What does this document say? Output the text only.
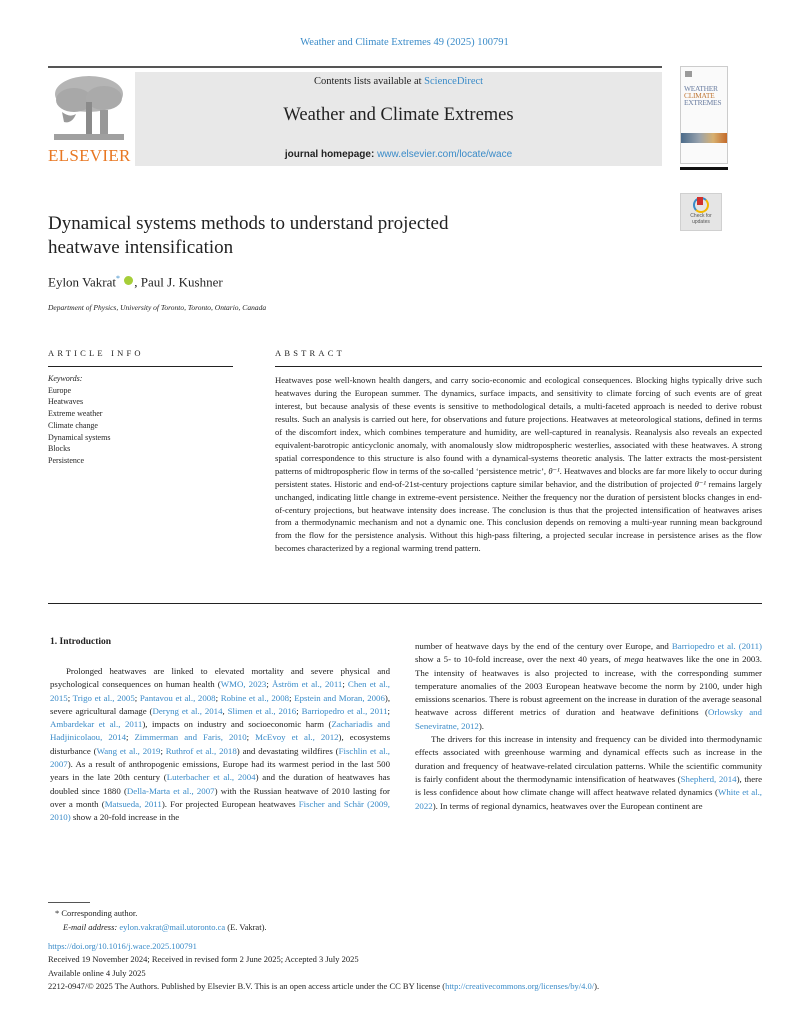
Weather and Climate Extremes 49 (2025) 100791
ELSEVIER
Contents lists available at ScienceDirect
Weather and Climate Extremes
journal homepage: www.elsevier.com/locate/wace
WEATHER
CLIMATE
EXTREMES
Dynamical systems methods to understand projected
heatwave intensification
Check for
updates
Eylon Vakrat* , Paul J. Kushner
Department of Physics, University of Toronto, Toronto, Ontario, Canada
ARTICLE INFO	ABSTRACT
Keywords:
Europe
Heatwaves
Extreme weather
Climate change
Dynamical systems
Blocks
Persistence
Heatwaves pose well-known health dangers, and carry socio-economic and ecological consequences. Blocking highs typically drive such heatwaves during the European summer. The dynamics, surface impacts, and sensitivity to climate forcing of such events are of great interest, but because analysis of these events is sensitive to methodological details, a multi-faceted approach is needed to derive robust results. Such an analysis is carried out here, for observations and future projections. Heatwaves at meteorological stations, defined in terms of the discomfort index, which combines temperature and humidity, are well-captured in reanalysis. Reanalysis also reveals an expected equivalent-barotropic anticyclonic anomaly, with anomalously slow midtropospheric westerlies, associated with these heatwaves. A strong spatial correspondence to this structure is also found with a dynamical-systems theoretic analysis. The latter extracts the most-persistent patterns of midtropospheric flow in terms of the so-called ‘persistence metric’, θ⁻¹. Heatwaves and blocks are far more likely to occur during persistent states. Historic and end-of-21st-century projections capture similar behavior, and the distribution of projected θ⁻¹ remains largely unchanged, indicating little change in extreme-event persistence. Neither the frequency nor the duration of persistent blocks changes in end-of-century projections, but heatwave intensity does increase. The conclusion is thus that the projected intensification of heatwaves arises from a thermodynamic mechanism and not a dynamic one. This conclusion depends on removing a multi-year running mean background from the flow for the persistence analysis. Without this high-pass filtering, a projected secular increase in persistence arises as the flow becomes characterized by a regional warming trend pattern.
1. Introduction
Prolonged heatwaves are linked to elevated mortality and severe physical and psychological consequences on human health (WMO, 2023; Åström et al., 2011; Chen et al., 2015; Trigo et al., 2005; Pantavou et al., 2008; Robine et al., 2008; Epstein and Moran, 2006), severe agricultural damage (Deryng et al., 2014, Slimen et al., 2016; Barriopedro et al., 2011; Ambardekar et al., 2011), impacts on industry and socioeconomic harm (Zachariadis and Hadjinicolaou, 2014; Zimmerman and Faris, 2010; McEvoy et al., 2012), ecosystems disturbance (Wang et al., 2019; Ruthrof et al., 2018) and devastating wildfires (Fischlin et al., 2007). As a result of anthropogenic emissions, Europe had its warmest period in the last 500 years in the late 20th century (Luterbacher et al., 2004) and the duration of heatwaves has doubled since 1880 (Della-Marta et al., 2007) with the Russian heatwave of 2010 lasting for over a month (Matsueda, 2011). For projected European heatwaves Fischer and Schär (2009, 2010) show a 20-fold increase in the
number of heatwave days by the end of the century over Europe, and Barriopedro et al. (2011) show a 5- to 10-fold increase, over the next 40 years, of mega heatwaves like the one in 2003. The intensity of heatwaves is also projected to increase, with the corresponding summer temperature anomalies of the 2003 European heatwave become the norm by 2100, under high emissions scenarios. There is robust agreement on the increase in duration of the average seasonal heatwave across different metrics of duration and heatwave definitions (Orlowsky and Seneviratne, 2012).
The drivers for this increase in intensity and frequency can be divided into thermodynamic effects associated with greenhouse warming and dynamical effects such as increase in the duration and frequency of heatwave-related circulation patterns. While the scientific community is fairly confident about the thermodynamic intensification of heatwaves (Shepherd, 2014), there is less confidence about how climate change will affect heatwave related dynamics (White et al., 2022). In terms of regional dynamics, heatwaves over the European continent are
* Corresponding author.
E-mail address: eylon.vakrat@mail.utoronto.ca (E. Vakrat).
https://doi.org/10.1016/j.wace.2025.100791
Received 19 November 2024; Received in revised form 2 June 2025; Accepted 3 July 2025
Available online 4 July 2025
2212-0947/© 2025 The Authors. Published by Elsevier B.V. This is an open access article under the CC BY license (http://creativecommons.org/licenses/by/4.0/).
